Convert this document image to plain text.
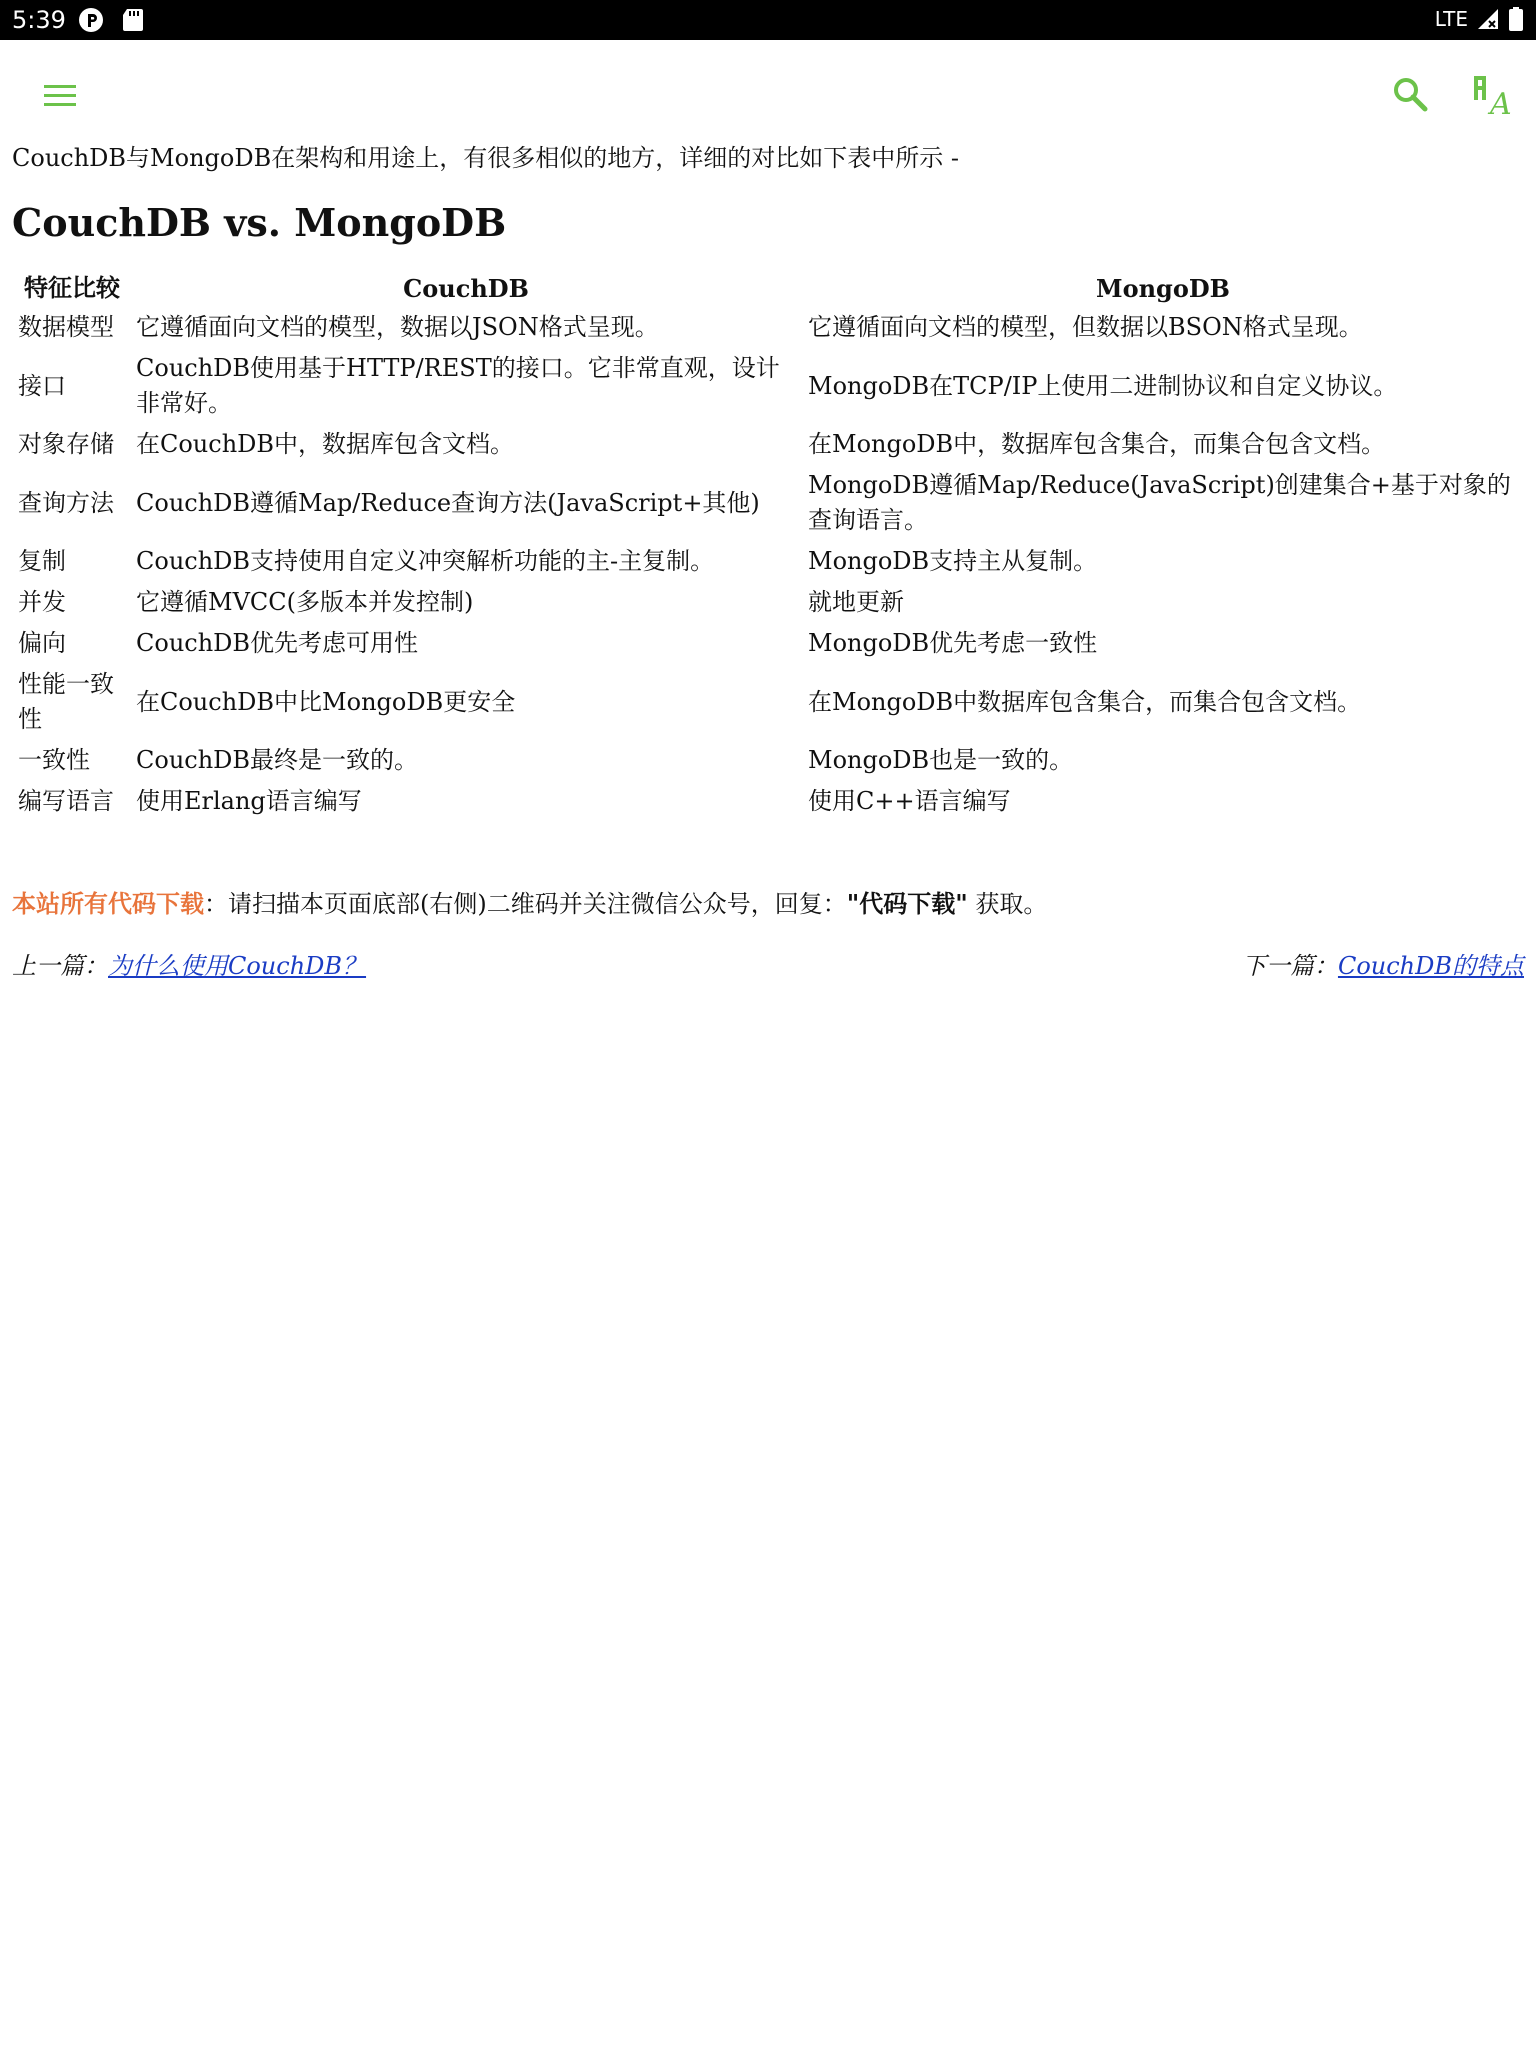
5:39	LTE
A

CouchDB与MongoDB在架构和用途上，有很多相似的地方，详细的对比如下表中所示 -

CouchDB vs. MongoDB
特征比较	CouchDB	MongoDB
数据模型	它遵循面向文档的模型，数据以JSON格式呈现。	它遵循面向文档的模型，但数据以BSON格式呈现。
接口	CouchDB使用基于HTTP/REST的接口。它非常直观，设计非常好。	MongoDB在TCP/IP上使用二进制协议和自定义协议。
对象存储	在CouchDB中，数据库包含文档。	在MongoDB中，数据库包含集合，而集合包含文档。
查询方法	CouchDB遵循Map/Reduce查询方法(JavaScript+其他)	MongoDB遵循Map/Reduce(JavaScript)创建集合+基于对象的查询语言。
复制	CouchDB支持使用自定义冲突解析功能的主-主复制。	MongoDB支持主从复制。
并发	它遵循MVCC(多版本并发控制)	就地更新
偏向	CouchDB优先考虑可用性	MongoDB优先考虑一致性
性能一致性	在CouchDB中比MongoDB更安全	在MongoDB中数据库包含集合，而集合包含文档。
一致性	CouchDB最终是一致的。	MongoDB也是一致的。
编写语言	使用Erlang语言编写	使用C++语言编写

本站所有代码下载：请扫描本页面底部(右侧)二维码并关注微信公众号，回复："代码下载" 获取。

上一篇：为什么使用CouchDB？	下一篇：CouchDB的特点
